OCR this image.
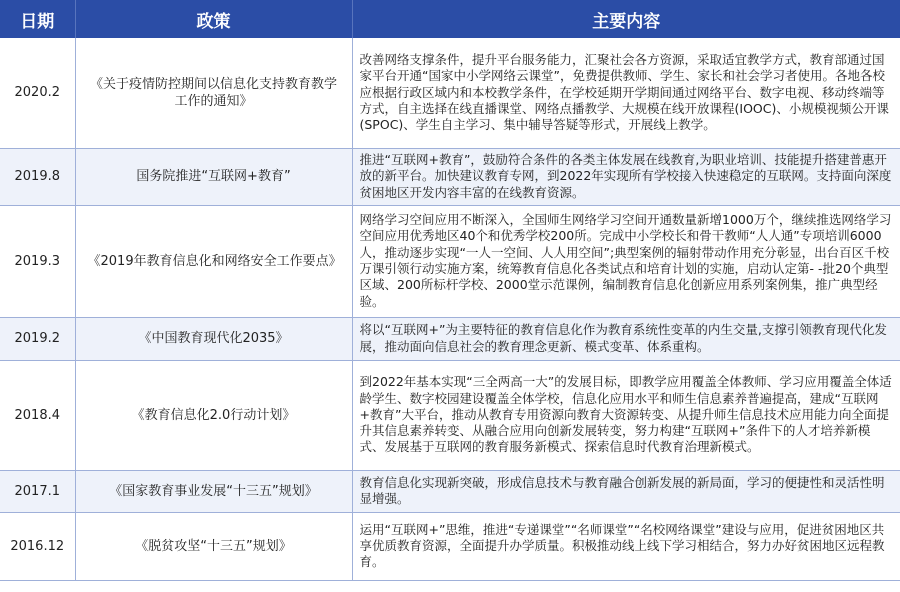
日期	政策	主要内容
2020.2	《关于疫情防控期间以信息化支持教育教学工作的通知》	改善网络支撑条件，提升平台服务能力，汇聚社会各方资源，采取适宜教学方式，教育部通过国家平台开通“国家中小学网络云课堂”，免费提供教师、学生、家长和社会学习者使用。各地各校应根据行政区域内和本校教学条件，在学校延期开学期间通过网络平台、数字电视、移动终端等方式，自主选择在线直播课堂、网络点播教学、大规模在线开放课程(IOOC)、小规模视频公开课(SPOC)、学生自主学习、集中辅导答疑等形式，开展线上教学。
2019.8	国务院推进“互联网+教育”	推进“互联网+教育”，鼓励符合条件的各类主体发展在线教育,为职业培训、技能提升搭建普惠开放的新平台。加快建议教育专网，到2022年实现所有学校接入快速稳定的互联网。支持面向深度贫困地区开发内容丰富的在线教育资源。
2019.3	《2019年教育信息化和网络安全工作要点》	网络学习空间应用不断深入，全国师生网络学习空间开通数量新增1000万个，继续推选网络学习空间应用优秀地区40个和优秀学校200所。完成中小学校长和骨干教师“人人通”专项培训6000人，推动逐步实现“一人一空间、人人用空间”;典型案例的辐射带动作用充分彰显，出台百区千校万课引领行动实施方案，统筹教育信息化各类试点和培育计划的实施，启动认定第- -批20个典型区域、200所标杆学校、2000堂示范课例，编制教育信息化创新应用系列案例集，推广典型经验。
2019.2	《中国教育现代化2035》	将以“互联网+”为主要特征的教育信息化作为教育系统性变革的内生交量,支撑引领教育现代化发展，推动面向信息社会的教育理念更新、模式变革、体系重构。
2018.4	《教育信息化2.0行动计划》	到2022年基本实现“三全两高一大”的发展目标，即教学应用覆盖全体教师、学习应用覆盖全体适龄学生、数字校园建设覆盖全体学校，信息化应用水平和师生信息素养普遍提高，建成“互联网+教育”大平台，推动从教育专用资源向教育大资源转变、从提升师生信息技术应用能力向全面提升其信息素养转变、从融合应用向创新发展转变，努力构建“互联网+”条件下的人才培养新模式、发展基于互联网的教育服务新模式、探索信息时代教育治理新模式。
2017.1	《国家教育事业发展“十三五”规划》	教育信息化实现新突破，形成信息技术与教育融合创新发展的新局面，学习的便捷性和灵活性明显增强。
2016.12	《脱贫攻坚“十三五”规划》	运用“互联网+”思维，推进“专递课堂”“名师课堂”“名校网络课堂”建设与应用，促进贫困地区共享优质教育资源，全面提升办学质量。积极推动线上线下学习相结合，努力办好贫困地区远程教育。
